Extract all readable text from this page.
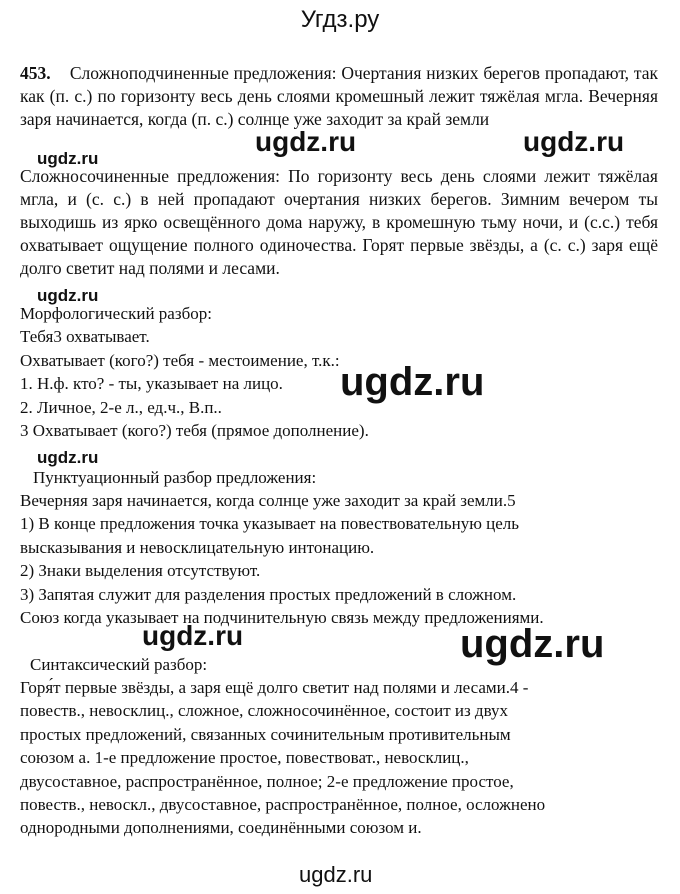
Угдз.ру
453. Сложноподчиненные предложения: Очертания низких берегов пропадают, так как (п. с.) по горизонту весь день слоями кромешный лежит тяжёлая мгла. Вечерняя заря начинается, когда (п. с.) солнце уже заходит за край земли
Сложносочиненные предложения: По горизонту весь день слоями лежит тяжёлая мгла, и (с. с.) в ней пропадают очертания низких берегов. Зимним вечером ты выходишь из ярко освещённого дома наружу, в кромешную тьму ночи, и (с.с.) тебя охватывает ощущение полного одиночества. Горят первые звёзды, а (с. с.) заря ещё долго светит над полями и лесами.
Морфологический разбор:
Тебя3 охватывает.
Охватывает (кого?) тебя - местоимение, т.к.:
1. Н.ф. кто? - ты, указывает на лицо.
2. Личное, 2-е л., ед.ч., В.п..
3 Охватывает (кого?) тебя (прямое дополнение).
Пунктуационный разбор предложения:
Вечерняя заря начинается, когда солнце уже заходит за край земли.5
1) В конце предложения точка указывает на повествовательную цель
высказывания и невосклицательную интонацию.
2) Знаки выделения отсутствуют.
3) Запятая служит для разделения простых предложений в сложном.
Союз когда указывает на подчинительную связь между предложениями.
Синтаксический разбор:
Горя́т первые звёзды, а заря ещё долго светит над полями и лесами.4 -
повеств., невосклиц., сложное, сложносочинённое, состоит из двух
простых предложений, связанных сочинительным противительным
союзом а. 1-е предложение простое, повествоват., невосклиц.,
двусоставное, распространённое, полное; 2-е предложение простое,
повеств., невоскл., двусоставное, распространённое, полное, осложнено
однородными дополнениями, соединёнными союзом и.
ugdz.ru	ugdz.ru
ugdz.ru
ugdz.ru
ugdz.ru
ugdz.ru
ugdz.ru	ugdz.ru
ugdz.ru
